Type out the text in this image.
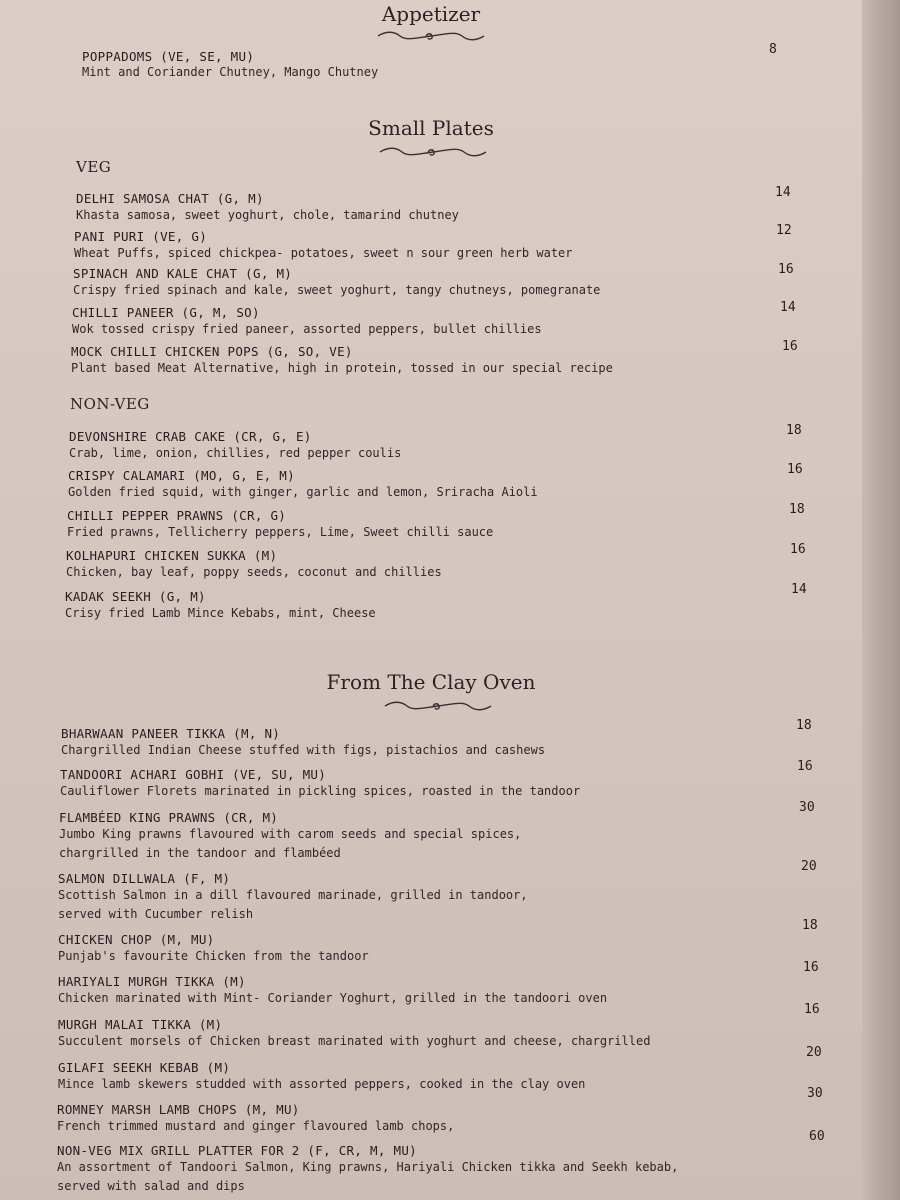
Appetizer
POPPADOMS (VE, SE, MU)
Mint and Coriander Chutney, Mango Chutney
8
Small Plates
VEG
DELHI SAMOSA CHAT (G, M)
Khasta samosa, sweet yoghurt, chole, tamarind chutney
14
PANI PURI (VE, G)
Wheat Puffs, spiced chickpea- potatoes, sweet n sour green herb water
12
SPINACH AND KALE CHAT (G, M)
Crispy fried spinach and kale, sweet yoghurt, tangy chutneys, pomegranate
16
CHILLI PANEER (G, M, SO)
Wok tossed crispy fried paneer, assorted peppers, bullet chillies
14
MOCK CHILLI CHICKEN POPS (G, SO, VE)
Plant based Meat Alternative, high in protein, tossed in our special recipe
16
NON-VEG
DEVONSHIRE CRAB CAKE (CR, G, E)
Crab, lime, onion, chillies, red pepper coulis
18
CRISPY CALAMARI (MO, G, E, M)
Golden fried squid, with ginger, garlic and lemon, Sriracha Aioli
16
CHILLI PEPPER PRAWNS (CR, G)
Fried prawns, Tellicherry peppers, Lime, Sweet chilli sauce
18
KOLHAPURI CHICKEN SUKKA (M)
Chicken, bay leaf, poppy seeds, coconut and chillies
16
KADAK SEEKH (G, M)
Crisy fried Lamb Mince Kebabs, mint, Cheese
14
From The Clay Oven
BHARWAAN PANEER TIKKA (M, N)
Chargrilled Indian Cheese stuffed with figs, pistachios and cashews
18
TANDOORI ACHARI GOBHI (VE, SU, MU)
Cauliflower Florets marinated in pickling spices, roasted in the tandoor
16
FLAMBÉED KING PRAWNS (CR, M)
Jumbo King prawns flavoured with carom seeds and special spices,
chargrilled in the tandoor and flambéed
30
SALMON DILLWALA (F, M)
Scottish Salmon in a dill flavoured marinade, grilled in tandoor,
served with Cucumber relish
20
CHICKEN CHOP (M, MU)
Punjab's favourite Chicken from the tandoor
18
HARIYALI MURGH TIKKA (M)
Chicken marinated with Mint- Coriander Yoghurt, grilled in the tandoori oven
16
MURGH MALAI TIKKA (M)
Succulent morsels of Chicken breast marinated with yoghurt and cheese, chargrilled
16
GILAFI SEEKH KEBAB (M)
Mince lamb skewers studded with assorted peppers, cooked in the clay oven
20
ROMNEY MARSH LAMB CHOPS (M, MU)
French trimmed mustard and ginger flavoured lamb chops,
30
NON-VEG MIX GRILL PLATTER FOR 2 (F, CR, M, MU)
An assortment of Tandoori Salmon, King prawns, Hariyali Chicken tikka and Seekh kebab,
served with salad and dips
60
